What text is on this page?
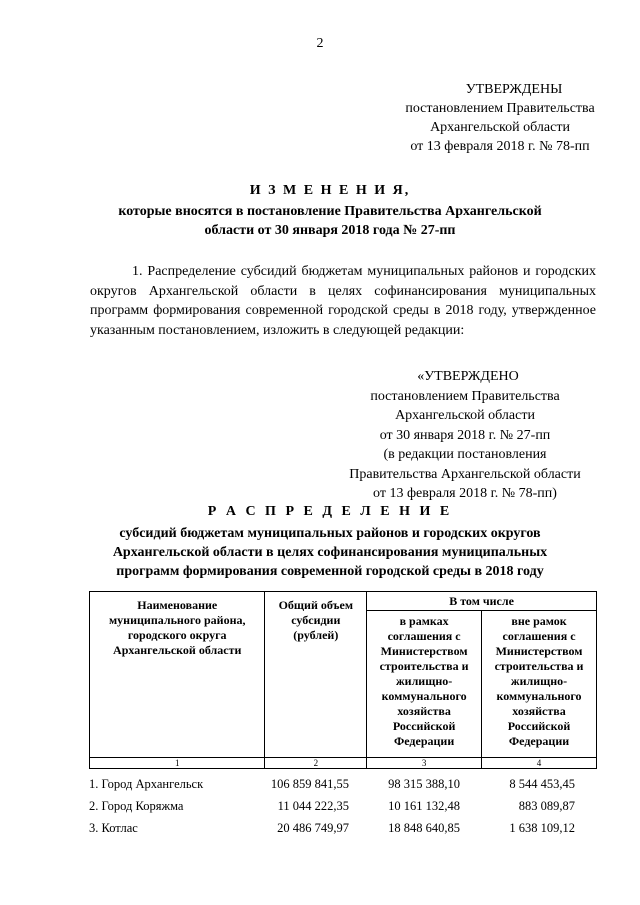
2
УТВЕРЖДЕНЫ
постановлением Правительства
Архангельской области
от 13 февраля 2018 г. № 78-пп
И З М Е Н Е Н И Я,
которые вносятся в постановление Правительства Архангельской
области от 30 января 2018 года № 27-пп
1. Распределение субсидий бюджетам муниципальных районов и городских округов Архангельской области в целях софинансирования муниципальных программ формирования современной городской среды в 2018 году, утвержденное указанным постановлением, изложить в следующей редакции:
«УТВЕРЖДЕНО
постановлением Правительства
Архангельской области
от 30 января 2018 г. № 27-пп
(в редакции постановления
Правительства Архангельской области
от 13 февраля 2018 г. № 78-пп)
Р А С П Р Е Д Е Л Е Н И Е
субсидий бюджетам муниципальных районов и городских округов
Архангельской области в целях софинансирования муниципальных
программ формирования современной городской среды в 2018 году
Наименование муниципального района, городского округа Архангельской области	Общий объем субсидии (рублей)	В том числе	
		в рамках соглашения с Министерством строительства и жилищно-коммунального хозяйства Российской Федерации	вне рамок соглашения с Министерством строительства и жилищно-коммунального хозяйства Российской Федерации
1	2	3	4
1. Город Архангельск	106 859 841,55	98 315 388,10	8 544 453,45
2. Город Коряжма	11 044 222,35	10 161 132,48	883 089,87
3. Котлас	20 486 749,97	18 848 640,85	1 638 109,12
